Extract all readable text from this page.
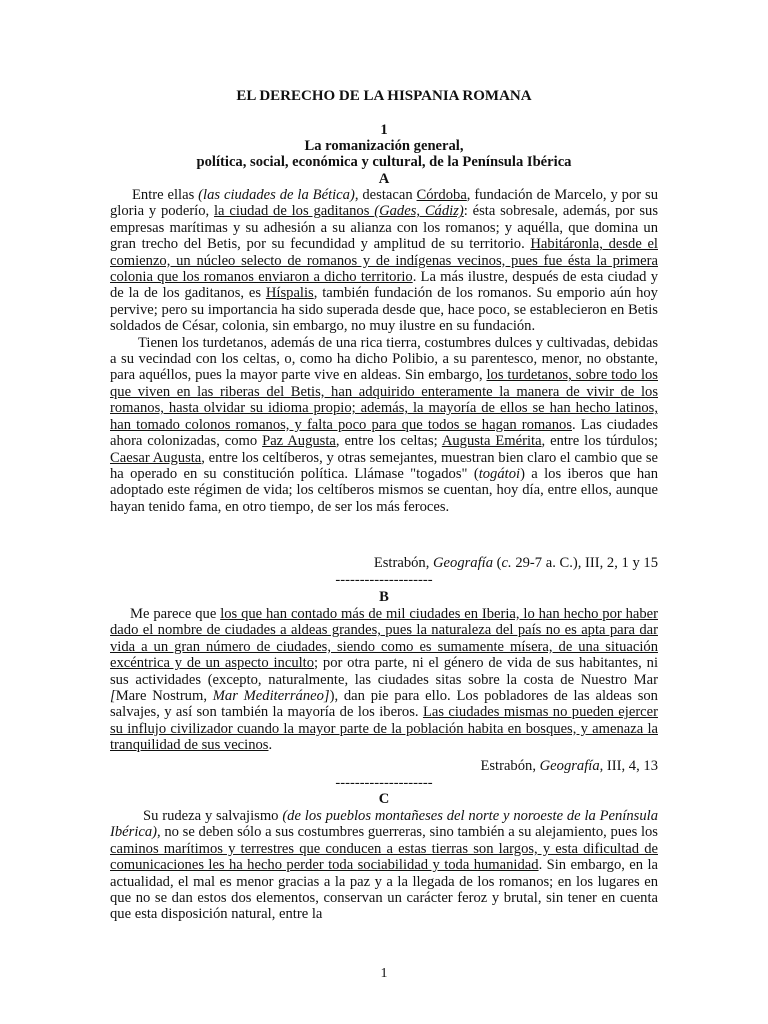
EL DERECHO DE LA HISPANIA ROMANA
1
La romanización general,
política, social, económica y cultural, de la Península Ibérica
A

Entre ellas (las ciudades de la Bética), destacan Córdoba, fundación de Marcelo, y por su gloria y poderío, la ciudad de los gaditanos (Gades, Cádiz): ésta sobresale, además, por sus empresas marítimas y su adhesión a su alianza con los romanos; y aquélla, que domina un gran trecho del Betis, por su fecundidad y amplitud de su territorio. Habitáronla, desde el comienzo, un núcleo selecto de romanos y de indígenas vecinos, pues fue ésta la primera colonia que los romanos enviaron a dicho territorio. La más ilustre, después de esta ciudad y de la de los gaditanos, es Híspalis, también fundación de los romanos. Su emporio aún hoy pervive; pero su importancia ha sido superada desde que, hace poco, se establecieron en Betis soldados de César, colonia, sin embargo, no muy ilustre en su fundación.

Tienen los turdetanos, además de una rica tierra, costumbres dulces y cultivadas, debidas a su vecindad con los celtas, o, como ha dicho Polibio, a su parentesco, menor, no obstante, para aquéllos, pues la mayor parte vive en aldeas. Sin embargo, los turdetanos, sobre todo los que viven en las riberas del Betis, han adquirido enteramente la manera de vivir de los romanos, hasta olvidar su idioma propio; además, la mayoría de ellos se han hecho latinos, han tomado colonos romanos, y falta poco para que todos se hagan romanos. Las ciudades ahora colonizadas, como Paz Augusta, entre los celtas; Augusta Emérita, entre los túrdulos; Caesar Augusta, entre los celtíberos, y otras semejantes, muestran bien claro el cambio que se ha operado en su constitución política. Llámase "togados" (togátoi) a los iberos que han adoptado este régimen de vida; los celtíberos mismos se cuentan, hoy día, entre ellos, aunque hayan tenido fama, en otro tiempo, de ser los más feroces.

Estrabón, Geografía (c. 29-7 a. C.), III, 2, 1 y 15
--------------------
B

Me parece que los que han contado más de mil ciudades en Iberia, lo han hecho por haber dado el nombre de ciudades a aldeas grandes, pues la naturaleza del país no es apta para dar vida a un gran número de ciudades, siendo como es sumamente mísera, de una situación excéntrica y de un aspecto inculto; por otra parte, ni el género de vida de sus habitantes, ni sus actividades (excepto, naturalmente, las ciudades sitas sobre la costa de Nuestro Mar [Mare Nostrum, Mar Mediterráneo]), dan pie para ello. Los pobladores de las aldeas son salvajes, y así son también la mayoría de los iberos. Las ciudades mismas no pueden ejercer su influjo civilizador cuando la mayor parte de la población habita en bosques, y amenaza la tranquilidad de sus vecinos.

Estrabón, Geografía, III, 4, 13
--------------------
C

Su rudeza y salvajismo (de los pueblos montañeses del norte y noroeste de la Península Ibérica), no se deben sólo a sus costumbres guerreras, sino también a su alejamiento, pues los caminos marítimos y terrestres que conducen a estas tierras son largos, y esta dificultad de comunicaciones les ha hecho perder toda sociabilidad y toda humanidad. Sin embargo, en la actualidad, el mal es menor gracias a la paz y a la llegada de los romanos; en los lugares en que no se dan estos dos elementos, conservan un carácter feroz y brutal, sin tener en cuenta que esta disposición natural, entre la

1
